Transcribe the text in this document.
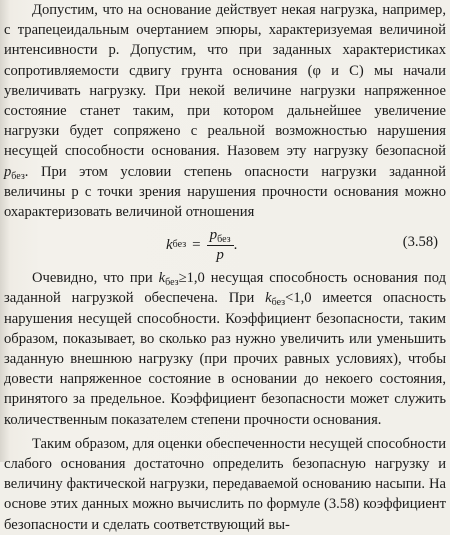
Допустим, что на основание действует некая нагрузка, например, с трапецеидальным очертанием эпюры, характеризуемая величиной интенсивности p. Допустим, что при заданных характеристиках сопротивляемости сдвигу грунта основания (φ и C) мы начали увеличивать нагрузку. При некой величине нагрузки напряженное состояние станет таким, при котором дальнейшее увеличение нагрузки будет сопряжено с реальной возможностью нарушения несущей способности основания. Назовем эту нагрузку безопасной $p_{без}$. При этом условии степень опасности нагрузки заданной величины p с точки зрения нарушения прочности основания можно охарактеризовать величиной отношения

k без = $\frac{p_{без}}{p}$ .	(3.58)

Очевидно, что при $k_{без}\ge 1,0$ несущая способность основания под заданной нагрузкой обеспечена. При $k_{без}<1,0$ имеется опасность нарушения несущей способности. Коэффициент безопасности, таким образом, показывает, во сколько раз нужно увеличить или уменьшить заданную внешнюю нагрузку (при прочих равных условиях), чтобы довести напряженное состояние в основании до некоего состояния, принятого за предельное. Коэффициент безопасности может служить количественным показателем степени прочности основания.

Таким образом, для оценки обеспеченности несущей способности слабого основания достаточно определить безопасную нагрузку и величину фактической нагрузки, передаваемой основанию насыпи. На основе этих данных можно вычислить по формуле (3.58) коэффициент безопасности и сделать соответствующий вы-
